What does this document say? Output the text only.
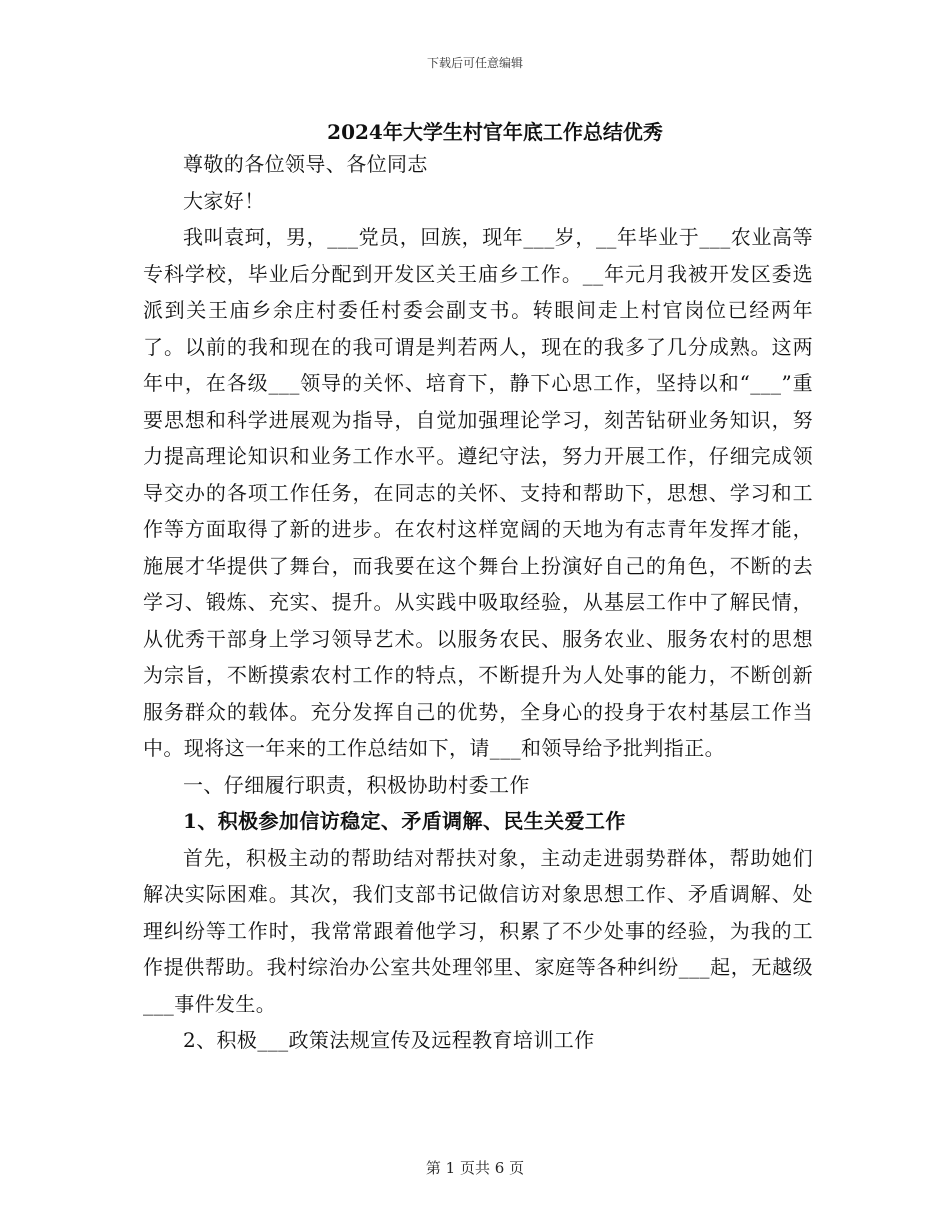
下载后可任意编辑
2024年大学生村官年底工作总结优秀

尊敬的各位领导、各位同志

大家好！

我叫袁珂，男，___党员，回族，现年___岁，__年毕业于___农业高等专科学校，毕业后分配到开发区关王庙乡工作。__年元月我被开发区委选派到关王庙乡余庄村委任村委会副支书。转眼间走上村官岗位已经两年了。以前的我和现在的我可谓是判若两人，现在的我多了几分成熟。这两年中，在各级___领导的关怀、培育下，静下心思工作，坚持以和“___”重要思想和科学进展观为指导，自觉加强理论学习，刻苦钻研业务知识，努力提高理论知识和业务工作水平。遵纪守法，努力开展工作，仔细完成领导交办的各项工作任务，在同志的关怀、支持和帮助下，思想、学习和工作等方面取得了新的进步。在农村这样宽阔的天地为有志青年发挥才能，施展才华提供了舞台，而我要在这个舞台上扮演好自己的角色，不断的去学习、锻炼、充实、提升。从实践中吸取经验，从基层工作中了解民情，从优秀干部身上学习领导艺术。以服务农民、服务农业、服务农村的思想为宗旨，不断摸索农村工作的特点，不断提升为人处事的能力，不断创新服务群众的载体。充分发挥自己的优势，全身心的投身于农村基层工作当中。现将这一年来的工作总结如下，请___和领导给予批判指正。

一、仔细履行职责，积极协助村委工作

1、积极参加信访稳定、矛盾调解、民生关爱工作

首先，积极主动的帮助结对帮扶对象，主动走进弱势群体，帮助她们解决实际困难。其次，我们支部书记做信访对象思想工作、矛盾调解、处理纠纷等工作时，我常常跟着他学习，积累了不少处事的经验，为我的工作提供帮助。我村综治办公室共处理邻里、家庭等各种纠纷___起，无越级___事件发生。

2、积极___政策法规宣传及远程教育培训工作

第 1 页共 6 页
